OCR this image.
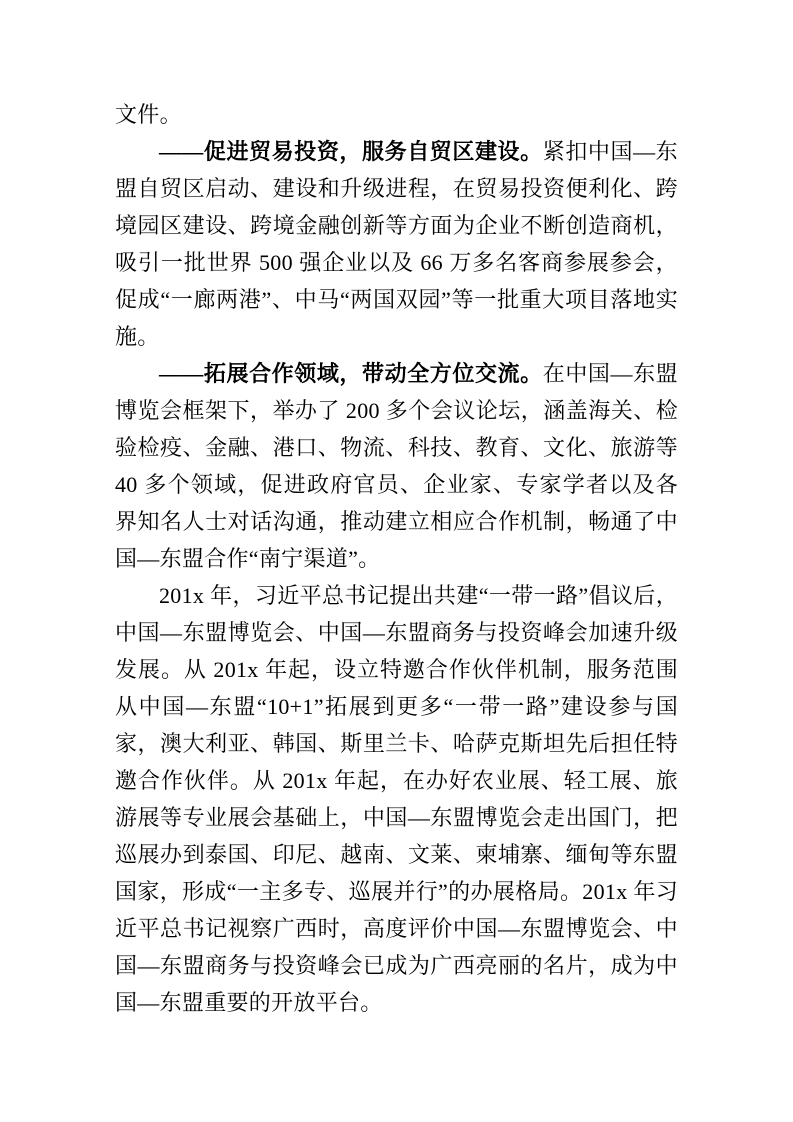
文件。

——促进贸易投资，服务自贸区建设。紧扣中国—东盟自贸区启动、建设和升级进程，在贸易投资便利化、跨境园区建设、跨境金融创新等方面为企业不断创造商机，吸引一批世界 500 强企业以及 66 万多名客商参展参会，促成“一廊两港”、中马“两国双园”等一批重大项目落地实施。

——拓展合作领域，带动全方位交流。在中国—东盟博览会框架下，举办了 200 多个会议论坛，涵盖海关、检验检疫、金融、港口、物流、科技、教育、文化、旅游等 40 多个领域，促进政府官员、企业家、专家学者以及各界知名人士对话沟通，推动建立相应合作机制，畅通了中国—东盟合作“南宁渠道”。

201x 年，习近平总书记提出共建“一带一路”倡议后，中国—东盟博览会、中国—东盟商务与投资峰会加速升级发展。从 201x 年起，设立特邀合作伙伴机制，服务范围从中国—东盟“10+1”拓展到更多“一带一路”建设参与国家，澳大利亚、韩国、斯里兰卡、哈萨克斯坦先后担任特邀合作伙伴。从 201x 年起，在办好农业展、轻工展、旅游展等专业展会基础上，中国—东盟博览会走出国门，把巡展办到泰国、印尼、越南、文莱、柬埔寨、缅甸等东盟国家，形成“一主多专、巡展并行”的办展格局。201x 年习近平总书记视察广西时，高度评价中国—东盟博览会、中国—东盟商务与投资峰会已成为广西亮丽的名片，成为中国—东盟重要的开放平台。
